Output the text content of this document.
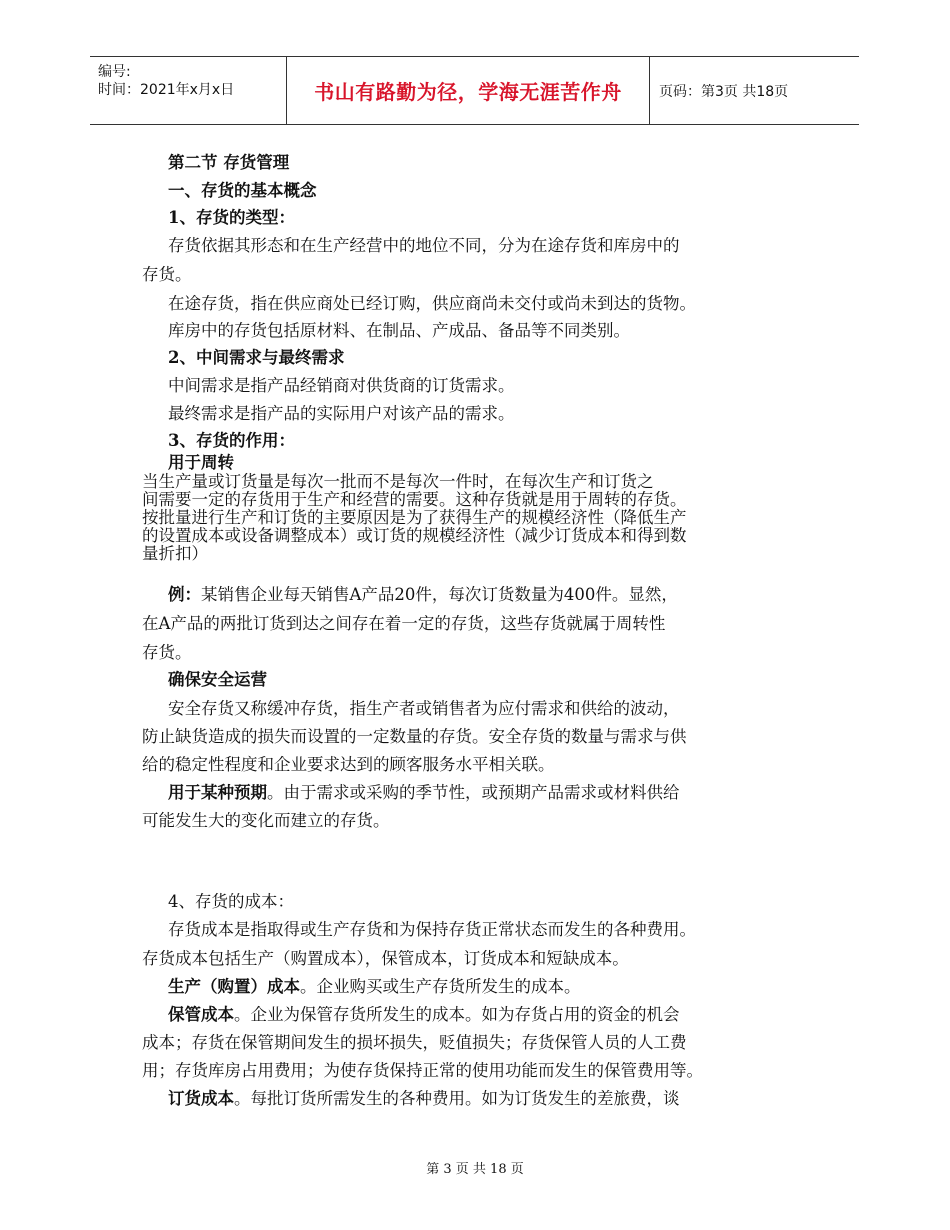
编号:
时间：2021年x月x日	书山有路勤为径，学海无涯苦作舟	页码：第3页 共18页
第二节 存货管理
一、存货的基本概念
1、存货的类型：
存货依据其形态和在生产经营中的地位不同，分为在途存货和库房中的
存货。
在途存货，指在供应商处已经订购，供应商尚未交付或尚未到达的货物。
库房中的存货包括原材料、在制品、产成品、备品等不同类别。
2、中间需求与最终需求
中间需求是指产品经销商对供货商的订货需求。
最终需求是指产品的实际用户对该产品的需求。
3、存货的作用：
用于周转
当生产量或订货量是每次一批而不是每次一件时，在每次生产和订货之
间需要一定的存货用于生产和经营的需要。这种存货就是用于周转的存货。
按批量进行生产和订货的主要原因是为了获得生产的规模经济性（降低生产
的设置成本或设备调整成本）或订货的规模经济性（减少订货成本和得到数
量折扣）
例：某销售企业每天销售A产品20件，每次订货数量为400件。显然，
在A产品的两批订货到达之间存在着一定的存货，这些存货就属于周转性
存货。
确保安全运营
安全存货又称缓冲存货，指生产者或销售者为应付需求和供给的波动，
防止缺货造成的损失而设置的一定数量的存货。安全存货的数量与需求与供
给的稳定性程度和企业要求达到的顾客服务水平相关联。
用于某种预期。由于需求或采购的季节性，或预期产品需求或材料供给
可能发生大的变化而建立的存货。
4、存货的成本：
存货成本是指取得或生产存货和为保持存货正常状态而发生的各种费用。
存货成本包括生产（购置成本），保管成本，订货成本和短缺成本。
生产（购置）成本。企业购买或生产存货所发生的成本。
保管成本。企业为保管存货所发生的成本。如为存货占用的资金的机会
成本；存货在保管期间发生的损坏损失，贬值损失；存货保管人员的人工费
用；存货库房占用费用；为使存货保持正常的使用功能而发生的保管费用等。
订货成本。每批订货所需发生的各种费用。如为订货发生的差旅费，谈
第 3 页 共 18 页
